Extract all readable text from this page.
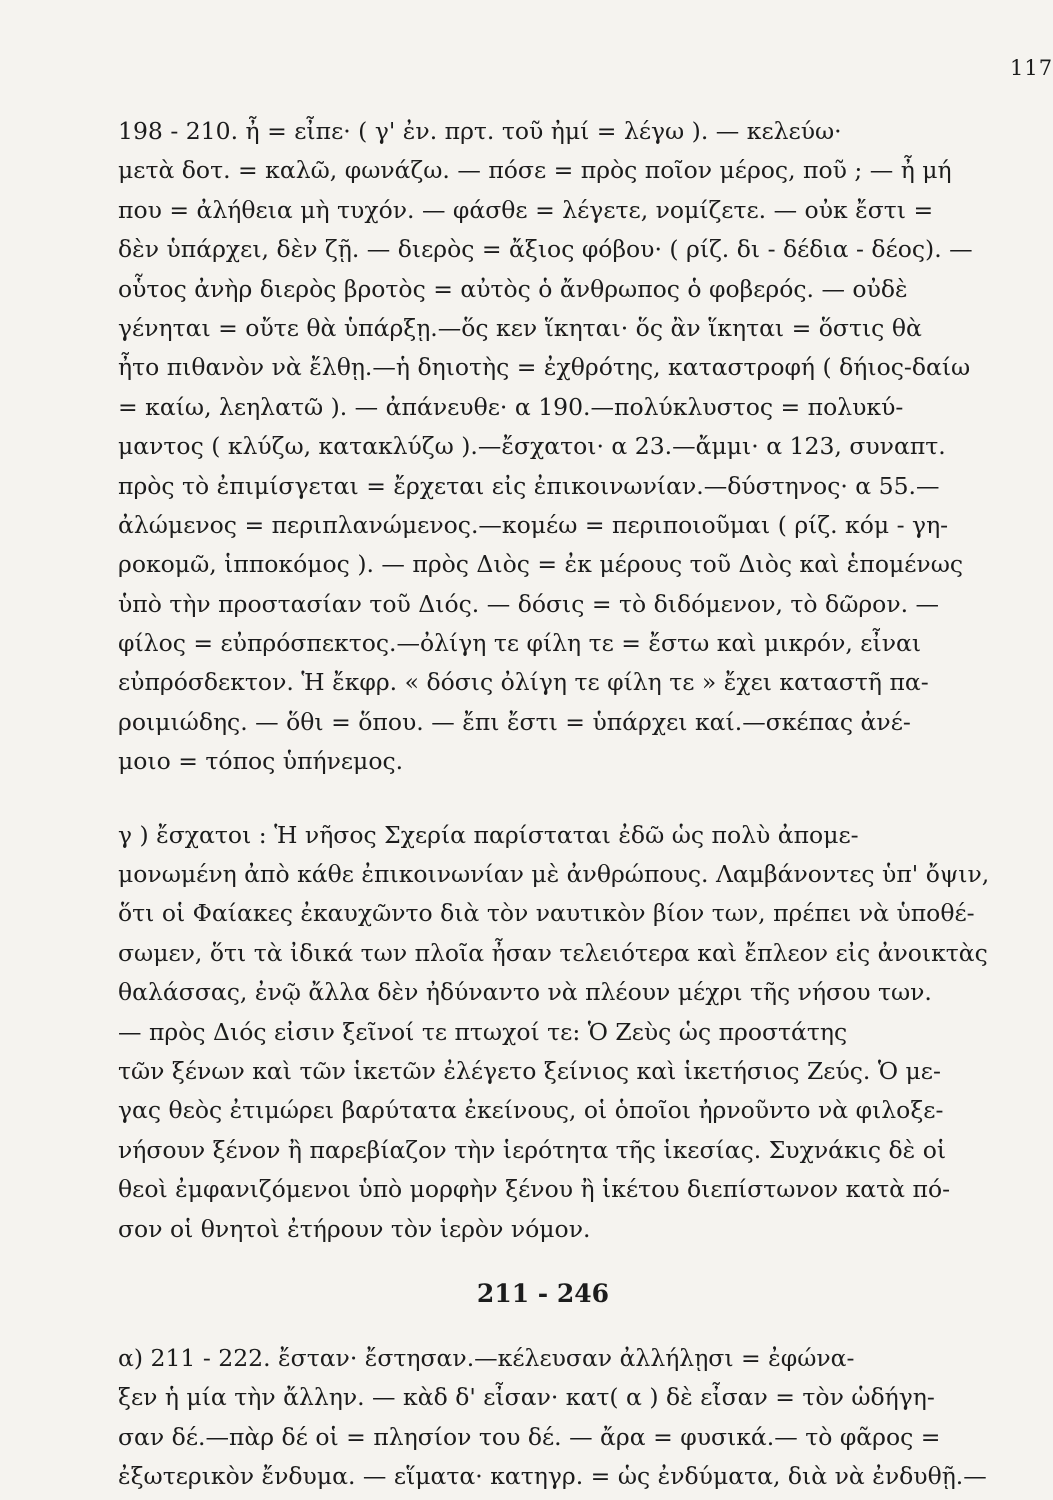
117
198 - 210. ἦ = εἶπε· ( γ' ἐν. πρτ. τοῦ ἠμί = λέγω ). — κελεύω·
μετὰ δοτ. = καλῶ, φωνάζω. — πόσε = πρὸς ποῖον μέρος, ποῦ ; — ἦ μή
που = ἀλήθεια μὴ τυχόν. — φάσθε = λέγετε, νομίζετε. — οὐκ ἔστι =
δὲν ὑπάρχει, δὲν ζῇ. — διερὸς = ἄξιος φόβου· ( ρίζ. δι - δέδια - δέος). —
οὗτος ἀνὴρ διερὸς βροτὸς = αὐτὸς ὁ ἄνθρωπος ὁ φοβερός. — οὐδὲ
γένηται = οὔτε θὰ ὑπάρξῃ.—ὅς κεν ἵκηται· ὅς ἂν ἵκηται = ὅστις θὰ
ἦτο πιθανὸν νὰ ἔλθῃ.—ἡ δηιοτὴς = ἐχθρότης, καταστροφή ( δήιος-δαίω
= καίω, λεηλατῶ ). — ἀπάνευθε· α 190.—πολύκλυστος = πολυκύ-
μαντος ( κλύζω, κατακλύζω ).—ἔσχατοι· α 23.—ἄμμι· α 123, συναπτ.
πρὸς τὸ ἐπιμίσγεται = ἔρχεται εἰς ἐπικοινωνίαν.—δύστηνος· α 55.—
ἀλώμενος = περιπλανώμενος.—κομέω = περιποιοῦμαι ( ρίζ. κόμ - γη-
ροκομῶ, ἱπποκόμος ). — πρὸς Διὸς = ἐκ μέρους τοῦ Διὸς καὶ ἑπομένως
ὑπὸ τὴν προστασίαν τοῦ Διός. — δόσις = τὸ διδόμενον, τὸ δῶρον. —
φίλος = εὐπρόσπεκτος.—ὀλίγη τε φίλη τε = ἔστω καὶ μικρόν, εἶναι
εὐπρόσδεκτον. Ἡ ἔκφρ. « δόσις ὀλίγη τε φίλη τε » ἔχει καταστῆ πα-
ροιμιώδης. — ὅθι = ὅπου. — ἔπι ἔστι = ὑπάρχει καί.—σκέπας ἀνέ-
μοιο = τόπος ὑπήνεμος.
γ ) ἔσχατοι : Ἡ νῆσος Σχερία παρίσταται ἐδῶ ὡς πολὺ ἀπομε-
μονωμένη ἀπὸ κάθε ἐπικοινωνίαν μὲ ἀνθρώπους. Λαμβάνοντες ὑπ' ὄψιν,
ὅτι οἱ Φαίακες ἐκαυχῶντο διὰ τὸν ναυτικὸν βίον των, πρέπει νὰ ὑποθέ-
σωμεν, ὅτι τὰ ἰδικά των πλοῖα ἦσαν τελειότερα καὶ ἔπλεον εἰς ἀνοικτὰς
θαλάσσας, ἐνῷ ἄλλα δὲν ἠδύναντο νὰ πλέουν μέχρι τῆς νήσου των.
— πρὸς Διός εἰσιν ξεῖνοί τε πτωχοί τε: Ὁ Ζεὺς ὡς προστάτης
τῶν ξένων καὶ τῶν ἱκετῶν ἐλέγετο ξείνιος καὶ ἱκετήσιος Ζεύς. Ὁ με-
γας θεὸς ἐτιμώρει βαρύτατα ἐκείνους, οἱ ὁποῖοι ἠρνοῦντο νὰ φιλοξε-
νήσουν ξένον ἢ παρεβίαζον τὴν ἱερότητα τῆς ἱκεσίας. Συχνάκις δὲ οἱ
θεοὶ ἐμφανιζόμενοι ὑπὸ μορφὴν ξένου ἢ ἱκέτου διεπίστωνον κατὰ πό-
σον οἱ θνητοὶ ἐτήρουν τὸν ἱερὸν νόμον.
211 - 246
α) 211 - 222. ἔσταν· ἔστησαν.—κέλευσαν ἀλλήλῃσι = ἐφώνα-
ξεν ἡ μία τὴν ἄλλην. — κὰδ δ' εἶσαν· κατ( α ) δὲ εἶσαν = τὸν ὡδήγη-
σαν δέ.—πὰρ δέ οἱ = πλησίον του δέ. — ἄρα = φυσικά.— τὸ φᾶρος =
ἐξωτερικὸν ἔνδυμα. — εἵματα· κατηγρ. = ὡς ἐνδύματα, διὰ νὰ ἐνδυθῇ.—
